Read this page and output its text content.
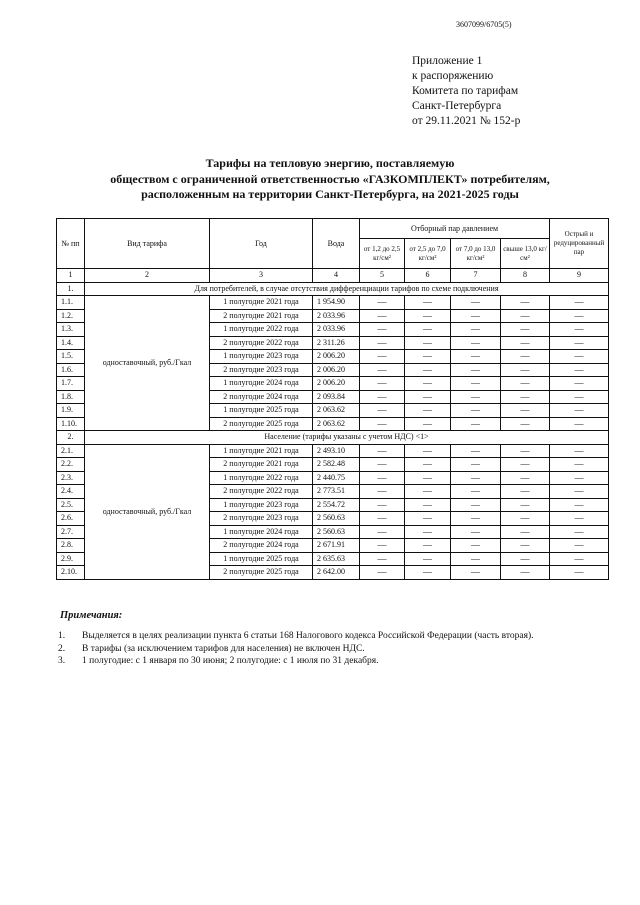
3607099/6705(5)
Приложение 1
к распоряжению
Комитета по тарифам
Санкт-Петербурга
от 29.11.2021 № 152-р
Тарифы на тепловую энергию, поставляемую
обществом с ограниченной ответственностью «ГАЗКОМПЛЕКТ» потребителям,
расположенным на территории Санкт-Петербурга, на 2021-2025 годы
№ пп	Вид тарифа	Год	Вода	Отборный пар давлением				Острый и редуцированный пар
				от 1,2 до 2,5 кг/см²	от 2,5 до 7,0 кг/см²	от 7,0 до 13,0 кг/см²	свыше 13,0 кг/см²	
1	2	3	4	5	6	7	8	9
1.	Для потребителей, в случае отсутствия дифференциации тарифов по схеме подключения							
1.1.	одноставочный, руб./Гкал	1 полугодие 2021 года	1 954.90	—	—	—	—	—
1.2.		2 полугодие 2021 года	2 033.96	—	—	—	—	—
1.3.		1 полугодие 2022 года	2 033.96	—	—	—	—	—
1.4.		2 полугодие 2022 года	2 311.26	—	—	—	—	—
1.5.		1 полугодие 2023 года	2 006.20	—	—	—	—	—
1.6.		2 полугодие 2023 года	2 006.20	—	—	—	—	—
1.7.		1 полугодие 2024 года	2 006.20	—	—	—	—	—
1.8.		2 полугодие 2024 года	2 093.84	—	—	—	—	—
1.9.		1 полугодие 2025 года	2 063.62	—	—	—	—	—
1.10.		2 полугодие 2025 года	2 063.62	—	—	—	—	—
2.	Население (тарифы указаны с учетом НДС) <1>							
2.1.	одноставочный, руб./Гкал	1 полугодие 2021 года	2 493.10	—	—	—	—	—
2.2.		2 полугодие 2021 года	2 582.48	—	—	—	—	—
2.3.		1 полугодие 2022 года	2 440.75	—	—	—	—	—
2.4.		2 полугодие 2022 года	2 773.51	—	—	—	—	—
2.5.		1 полугодие 2023 года	2 554.72	—	—	—	—	—
2.6.		2 полугодие 2023 года	2 560.63	—	—	—	—	—
2.7.		1 полугодие 2024 года	2 560.63	—	—	—	—	—
2.8.		2 полугодие 2024 года	2 671.91	—	—	—	—	—
2.9.		1 полугодие 2025 года	2 635.63	—	—	—	—	—
2.10.		2 полугодие 2025 года	2 642.00	—	—	—	—	—
Примечания:
1. Выделяется в целях реализации пункта 6 статьи 168 Налогового кодекса Российской Федерации (часть вторая).
2. В тарифы (за исключением тарифов для населения) не включен НДС.
3. 1 полугодие: с 1 января по 30 июня; 2 полугодие: с 1 июля по 31 декабря.
